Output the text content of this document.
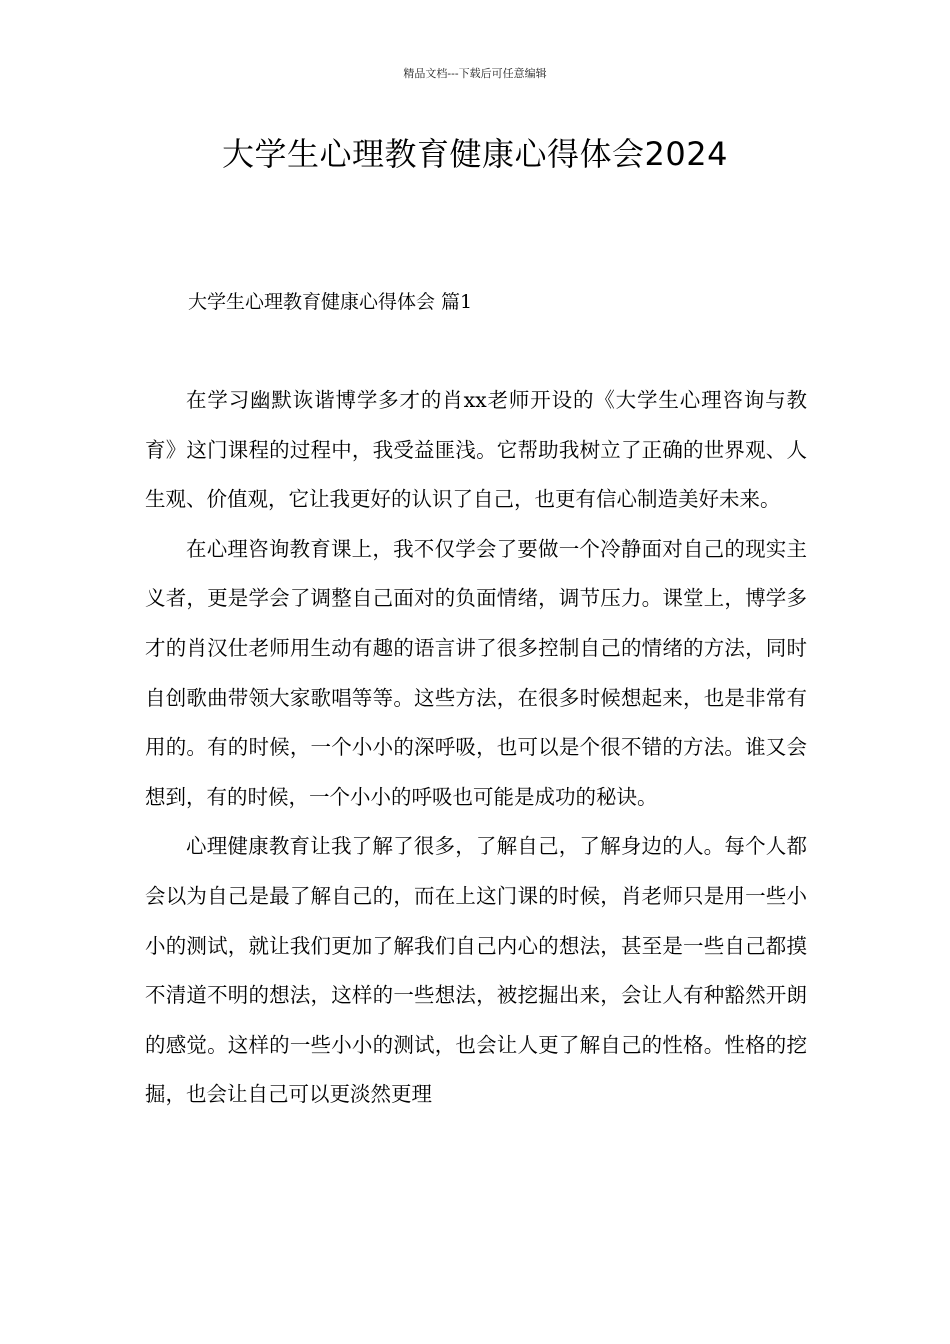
精品文档---下载后可任意编辑
大学生心理教育健康心得体会2024
大学生心理教育健康心得体会 篇1

在学习幽默诙谐博学多才的肖xx老师开设的《大学生心理咨询与教育》这门课程的过程中，我受益匪浅。它帮助我树立了正确的世界观、人生观、价值观，它让我更好的认识了自己，也更有信心制造美好未来。

在心理咨询教育课上，我不仅学会了要做一个冷静面对自己的现实主义者，更是学会了调整自己面对的负面情绪，调节压力。课堂上，博学多才的肖汉仕老师用生动有趣的语言讲了很多控制自己的情绪的方法，同时自创歌曲带领大家歌唱等等。这些方法，在很多时候想起来，也是非常有用的。有的时候，一个小小的深呼吸，也可以是个很不错的方法。谁又会想到，有的时候，一个小小的呼吸也可能是成功的秘诀。

心理健康教育让我了解了很多，了解自己，了解身边的人。每个人都会以为自己是最了解自己的，而在上这门课的时候，肖老师只是用一些小小的测试，就让我们更加了解我们自己内心的想法，甚至是一些自己都摸不清道不明的想法，这样的一些想法，被挖掘出来，会让人有种豁然开朗的感觉。这样的一些小小的测试，也会让人更了解自己的性格。性格的挖掘，也会让自己可以更淡然更理
